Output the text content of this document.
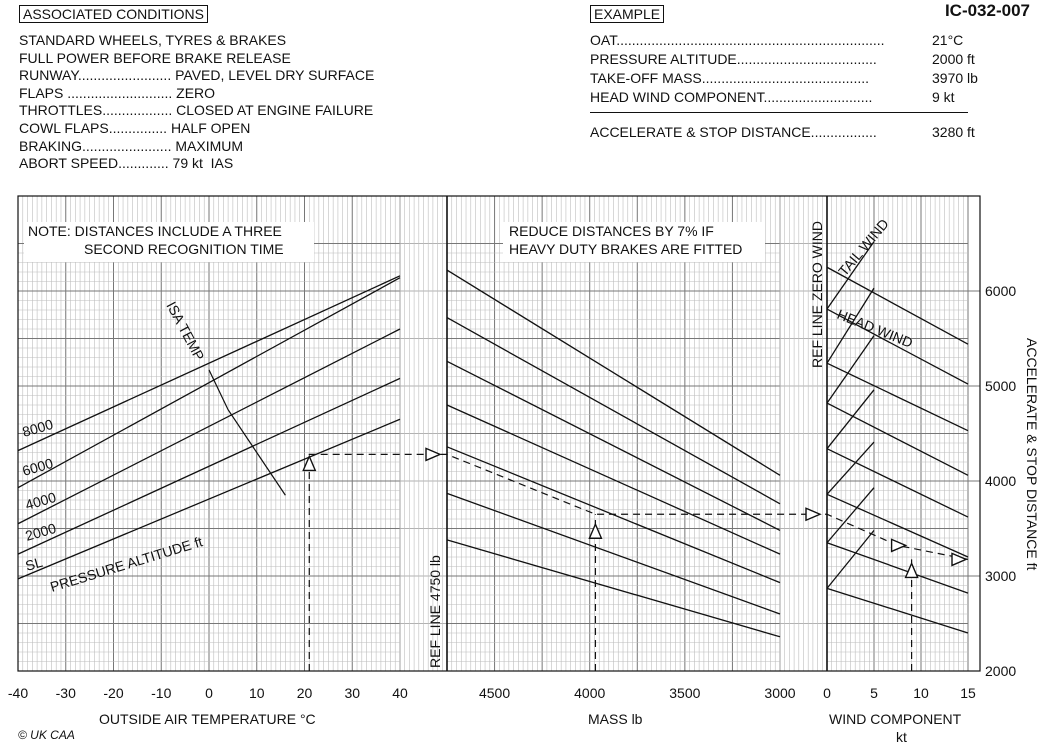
ASSOCIATED CONDITIONS
STANDARD WHEELS, TYRES & BRAKES
FULL POWER BEFORE BRAKE RELEASE
RUNWAY........................ PAVED, LEVEL DRY SURFACE
FLAPS ........................... ZERO
THROTTLES.................. CLOSED AT ENGINE FAILURE
COWL FLAPS............... HALF OPEN
BRAKING....................... MAXIMUM
ABORT SPEED............. 79 kt  IAS
EXAMPLE
OAT.....................................................................	21°C
PRESSURE ALTITUDE....................................	2000 ft
TAKE-OFF MASS...........................................	3970 lb
HEAD WIND COMPONENT............................	9 kt
ACCELERATE & STOP DISTANCE.................	3280 ft
IC-032-007
NOTE: DISTANCES INCLUDE A THREE
SECOND RECOGNITION TIME
REDUCE DISTANCES BY 7% IF
HEAVY DUTY BRAKES ARE FITTED
SL
2000
4000
6000
8000
PRESSURE ALTITUDE ft
ISA TEMP
REF LINE 4750 lb
REF LINE ZERO WIND TAIL WIND
HEAD WIND
-40 -30 -20 -10 0	10 20 30 40	4500	4000	3500	3000 0	5	10 15
OUTSIDE AIR TEMPERATURE °C	MASS lb	WIND COMPONENT
kt
2000
3000
4000
5000
6000
ACCELERATE & STOP DISTANCE ft
© UK CAA
